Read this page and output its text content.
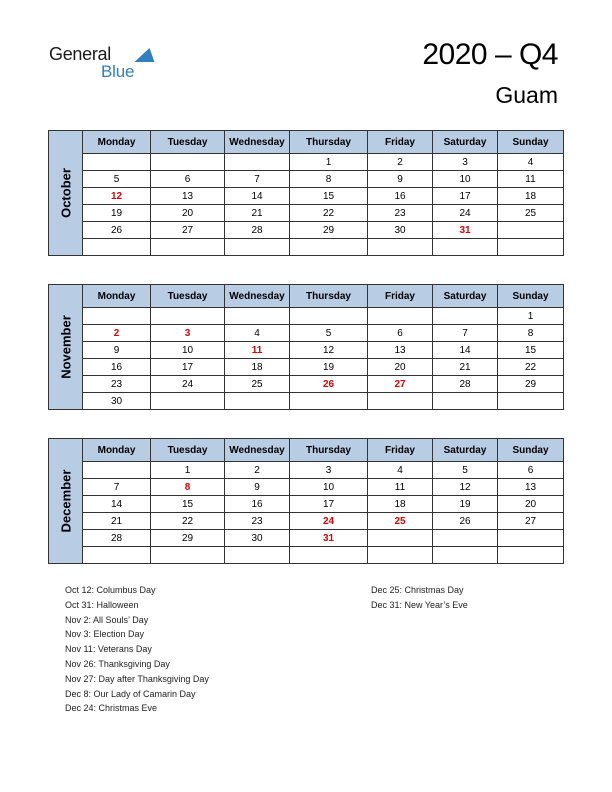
General
Blue
2020 – Q4
Guam
October	Monday	Tuesday	Wednesday	Thursday	Friday	Saturday	Sunday
				1	2	3	4
	5	6	7	8	9	10	11
	12	13	14	15	16	17	18
	19	20	21	22	23	24	25
	26	27	28	29	30	31	

November	Monday	Tuesday	Wednesday	Thursday	Friday	Saturday	Sunday
							1
	2	3	4	5	6	7	8
	9	10	11	12	13	14	15
	16	17	18	19	20	21	22
	23	24	25	26	27	28	29
	30						
December	Monday	Tuesday	Wednesday	Thursday	Friday	Saturday	Sunday
		1	2	3	4	5	6
	7	8	9	10	11	12	13
	14	15	16	17	18	19	20
	21	22	23	24	25	26	27
	28	29	30	31			

Oct 12: Columbus Day
Oct 31: Halloween
Nov 2: All Souls’ Day
Nov 3: Election Day
Nov 11: Veterans Day
Nov 26: Thanksgiving Day
Nov 27: Day after Thanksgiving Day
Dec 8: Our Lady of Camarin Day
Dec 24: Christmas Eve
Dec 25: Christmas Day
Dec 31: New Year’s Eve
